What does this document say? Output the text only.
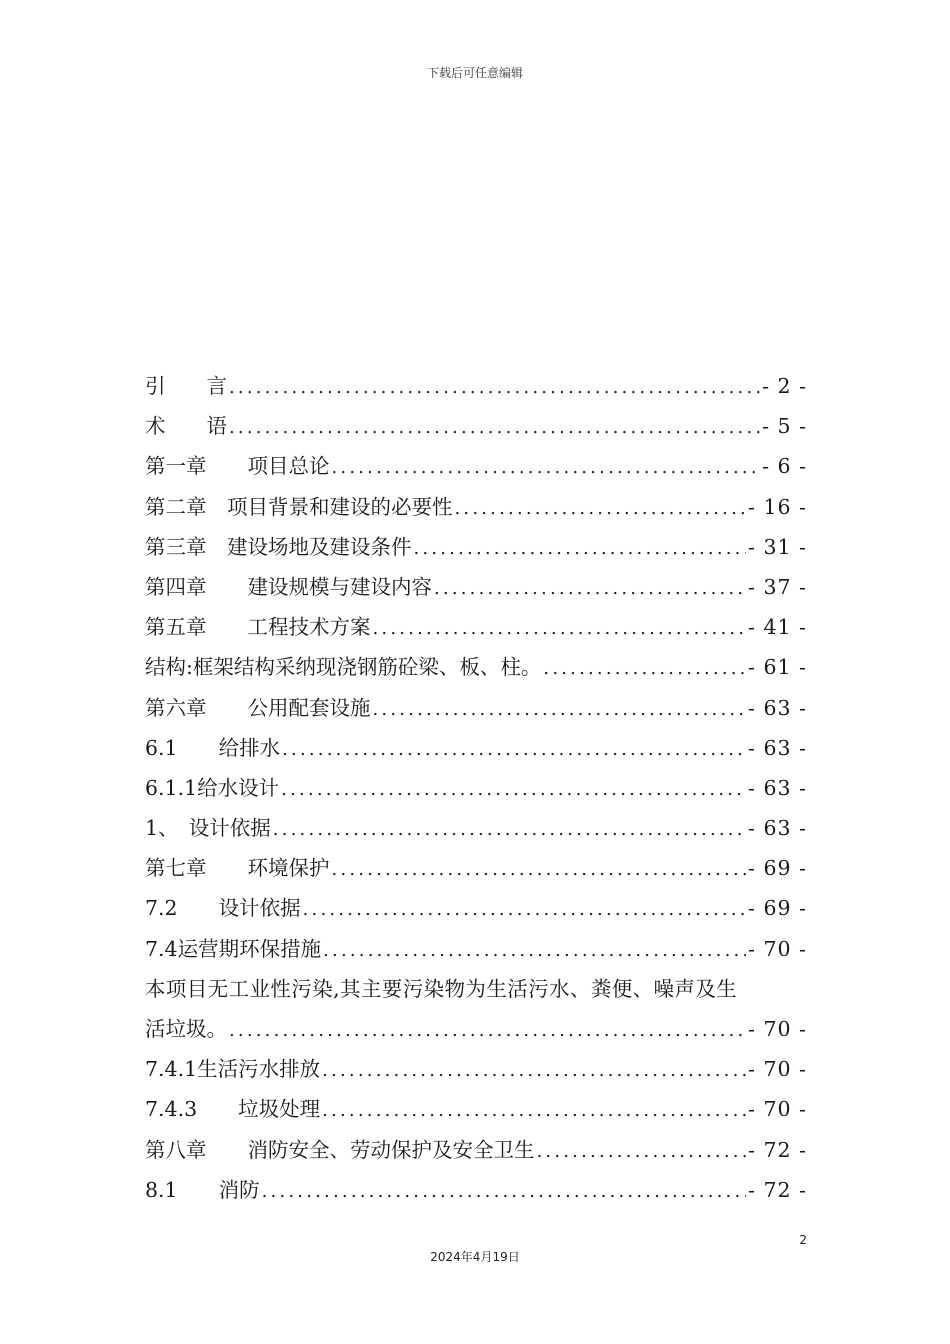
下载后可任意编辑
引　　言 .....	- 2 -
术　　语 .....	- 5 -
第一章　　项目总论 .....	- 6 -
第二章　项目背景和建设的必要性 .....	- 16 -
第三章　建设场地及建设条件 .....	- 31 -
第四章　　建设规模与建设内容 .....	- 37 -
第五章　　工程技术方案 .....	- 41 -
结构:框架结构采纳现浇钢筋砼梁、板、柱。 .....	- 61 -
第六章　　公用配套设施 .....	- 63 -
6.1　　给排水 .....	- 63 -
6.1.1给水设计 .....	- 63 -
1、　设计依据 .....	- 63 -
第七章　　环境保护 .....	- 69 -
7.2　　设计依据 .....	- 69 -
7.4运营期环保措施 .....	- 70 -
本项目无工业性污染,其主要污染物为生活污水、粪便、噪声及生
活垃圾。 .....	- 70 -
7.4.1生活污水排放 .....	- 70 -
7.4.3　　垃圾处理 .....	- 70 -
第八章　　消防安全、劳动保护及安全卫生 .....	- 72 -
8.1　　消防 .....	- 72 -
2
2024年4月19日
